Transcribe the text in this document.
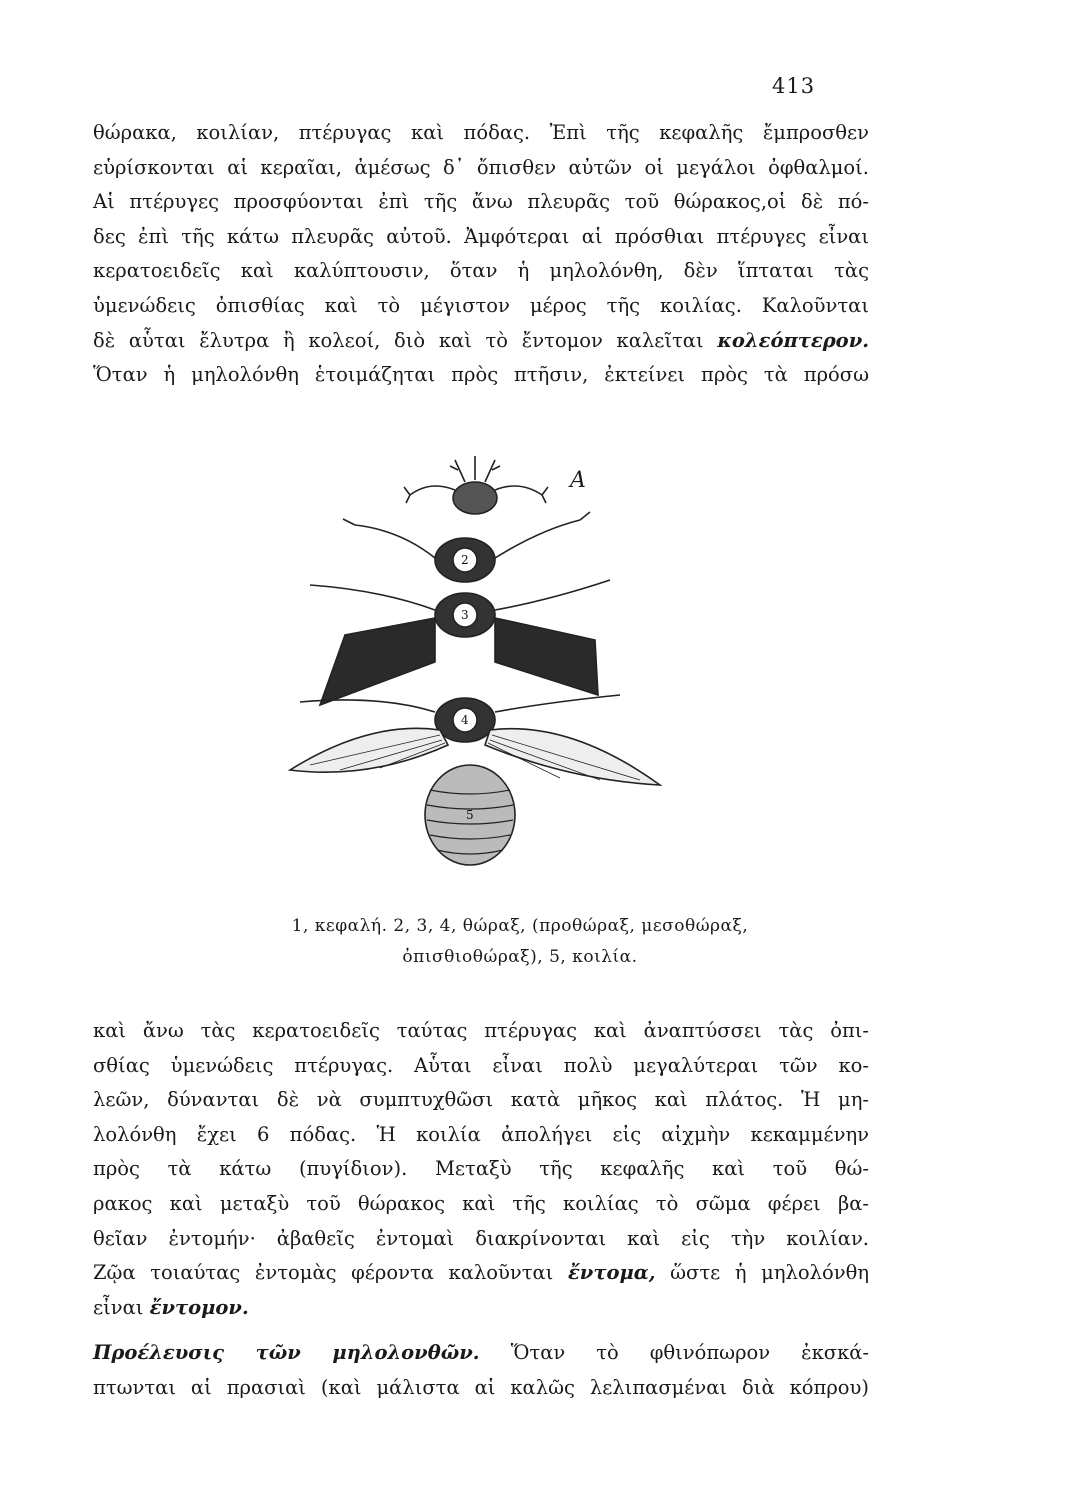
413
θώρακα, κοιλίαν, πτέρυγας καὶ πόδας. Ἐπὶ τῆς κεφαλῆς ἔμπροσθεν
εὑρίσκονται αἱ κεραῖαι, ἀμέσως δ᾽ ὄπισθεν αὐτῶν οἱ μεγάλοι ὀφθαλμοί.
Αἱ πτέρυγες προσφύονται ἐπὶ τῆς ἄνω πλευρᾶς τοῦ θώρακος,οἱ δὲ πό-
δες ἐπὶ τῆς κάτω πλευρᾶς αὐτοῦ. Ἀμφότεραι αἱ πρόσθιαι πτέρυγες εἶναι
κερατοειδεῖς καὶ καλύπτουσιν, ὅταν ἡ μηλολόνθη, δὲν ἵπταται τὰς
ὑμενώδεις ὀπισθίας καὶ τὸ μέγιστον μέρος τῆς κοιλίας. Καλοῦνται
δὲ αὗται ἔλυτρα ἢ κολεοί, διὸ καὶ τὸ ἔντομον καλεῖται κολεόπτερον.
Ὅταν ἡ μηλολόνθη ἑτοιμάζηται πρὸς πτῆσιν, ἐκτείνει πρὸς τὰ πρόσω
A
2
3
4
5
1, κεφαλή. 2, 3, 4, θώραξ, (προθώραξ, μεσοθώραξ,
ὀπισθιοθώραξ), 5, κοιλία.
καὶ ἄνω τὰς κερατοειδεῖς ταύτας πτέρυγας καὶ ἀναπτύσσει τὰς ὀπι-
σθίας ὑμενώδεις πτέρυγας. Αὗται εἶναι πολὺ μεγαλύτεραι τῶν κο-
λεῶν, δύνανται δὲ νὰ συμπτυχθῶσι κατὰ μῆκος καὶ πλάτος. Ἡ μη-
λολόνθη ἔχει 6 πόδας. Ἡ κοιλία ἀπολήγει εἰς αἰχμὴν κεκαμμένην
πρὸς τὰ κάτω (πυγίδιον). Μεταξὺ τῆς κεφαλῆς καὶ τοῦ θώ-
ρακος καὶ μεταξὺ τοῦ θώρακος καὶ τῆς κοιλίας τὸ σῶμα φέρει βα-
θεῖαν ἐντομήν· ἀβαθεῖς ἐντομαὶ διακρίνονται καὶ εἰς τὴν κοιλίαν.
Ζῷα τοιαύτας ἐντομὰς φέροντα καλοῦνται ἔντομα, ὥστε ἡ μηλολόνθη
εἶναι ἔντομον.
Προέλευσις τῶν μηλολονθῶν. Ὅταν τὸ φθινόπωρον ἐκσκά-
πτωνται αἱ πρασιαὶ (καὶ μάλιστα αἱ καλῶς λελιπασμέναι διὰ κόπρου)
